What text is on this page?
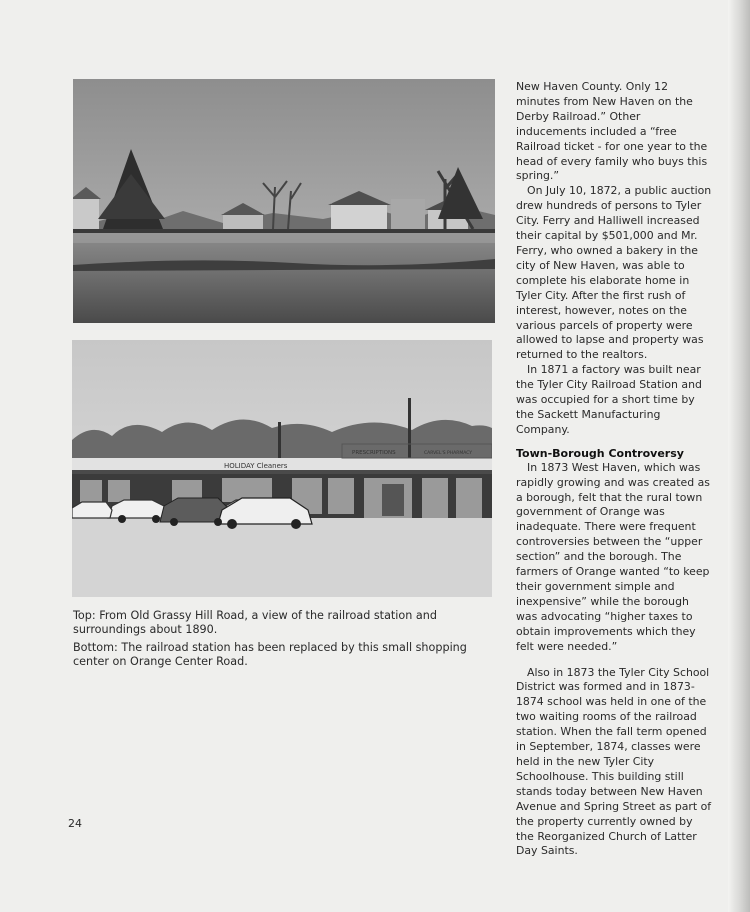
HOLIDAY Cleaners
PRESCRIPTIONS	CARVEL'S PHARMACY

Top: From Old Grassy Hill Road, a view of the railroad station and surroundings about 1890.

Bottom: The railroad station has been replaced by this small shopping center on Orange Center Road.

New Haven County. Only 12 minutes from New Haven on the Derby Railroad.” Other inducements included a “free Railroad ticket - for one year to the head of every family who buys this spring.”

On July 10, 1872, a public auction drew hundreds of persons to Tyler City. Ferry and Halliwell increased their capital by $501,000 and Mr. Ferry, who owned a bakery in the city of New Haven, was able to complete his elaborate home in Tyler City. After the first rush of interest, however, notes on the various parcels of property were allowed to lapse and property was returned to the realtors.

In 1871 a factory was built near the Tyler City Railroad Station and was occupied for a short time by the Sackett Manufacturing Company.

Town-Borough Controversy

In 1873 West Haven, which was rapidly growing and was created as a borough, felt that the rural town government of Orange was inadequate. There were frequent controversies between the “upper section” and the borough. The farmers of Orange wanted “to keep their government simple and inexpensive” while the borough was advocating “higher taxes to obtain improvements which they felt were needed.”

Also in 1873 the Tyler City School District was formed and in 1873-1874 school was held in one of the two waiting rooms of the railroad station. When the fall term opened in September, 1874, classes were held in the new Tyler City Schoolhouse. This building still stands today between New Haven Avenue and Spring Street as part of the property currently owned by the Reorganized Church of Latter Day Saints.

24
